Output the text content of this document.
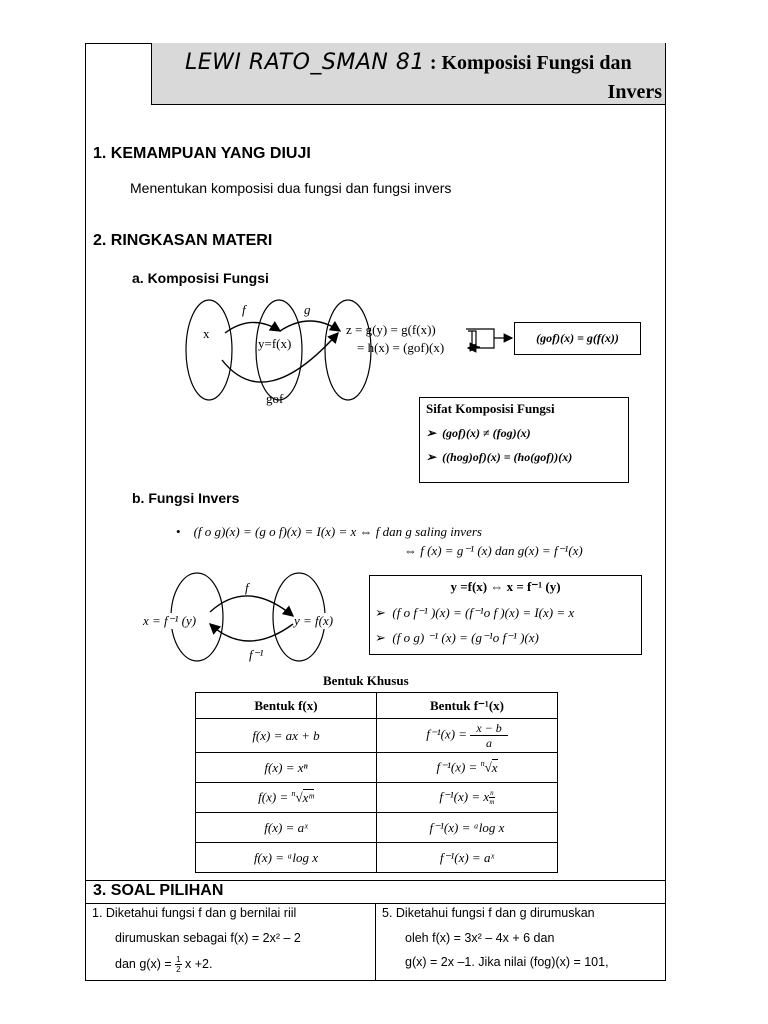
LEWI RATO_SMAN 81 : Komposisi Fungsi dan
Invers
1. KEMAMPUAN YANG DIUJI
Menentukan komposisi dua fungsi dan fungsi invers
2. RINGKASAN MATERI
a. Komposisi Fungsi
f	g
x
y=f(x)
z = g(y) = g(f(x))
= h(x) = (gof)(x)
gof
(gof)(x) = g(f(x))
Sifat Komposisi Fungsi
➢  (gof)(x) ≠ (fog)(x)
➢  ((hog)of)(x) = (ho(gof))(x)
b. Fungsi Invers
•    (f o g)(x) = (g o f)(x) = I(x) = x ⇔ f dan g saling invers
⇔ f (x) = g⁻¹ (x) dan g(x) = f⁻¹(x)
f
f⁻¹
x = f⁻¹ (y)	y = f(x)
y =f(x) ⇔ x = f⁻¹ (y)
➢  (f o f⁻¹ )(x) = (f⁻¹o f )(x) = I(x) = x
➢  (f o g) ⁻¹ (x) = (g⁻¹o f⁻¹ )(x)
Bentuk Khusus
Bentuk f(x)	Bentuk f⁻¹(x)
f(x) = ax + b	$f^{-1}(x) = \frac{x - b}{a}$

f(x) = xⁿ	f⁻¹(x) = $^n$√x
f(x) = $^n$√xᵐ	f⁻¹(x) = x $\frac{n}{m}$

f(x) = aˣ	f⁻¹(x) = ᵃlog x
f(x) = ᵃlog x	f⁻¹(x) = aˣ
3. SOAL PILIHAN
1. Diketahui fungsi f dan g bernilai riil
dirumuskan sebagai f(x) = 2x² – 2
dan $g(x) = \frac{1}{2}$ x +2.
5. Diketahui fungsi f dan g dirumuskan
oleh f(x) = 3x² – 4x + 6 dan
g(x) = 2x –1. Jika nilai (fog)(x) = 101,
